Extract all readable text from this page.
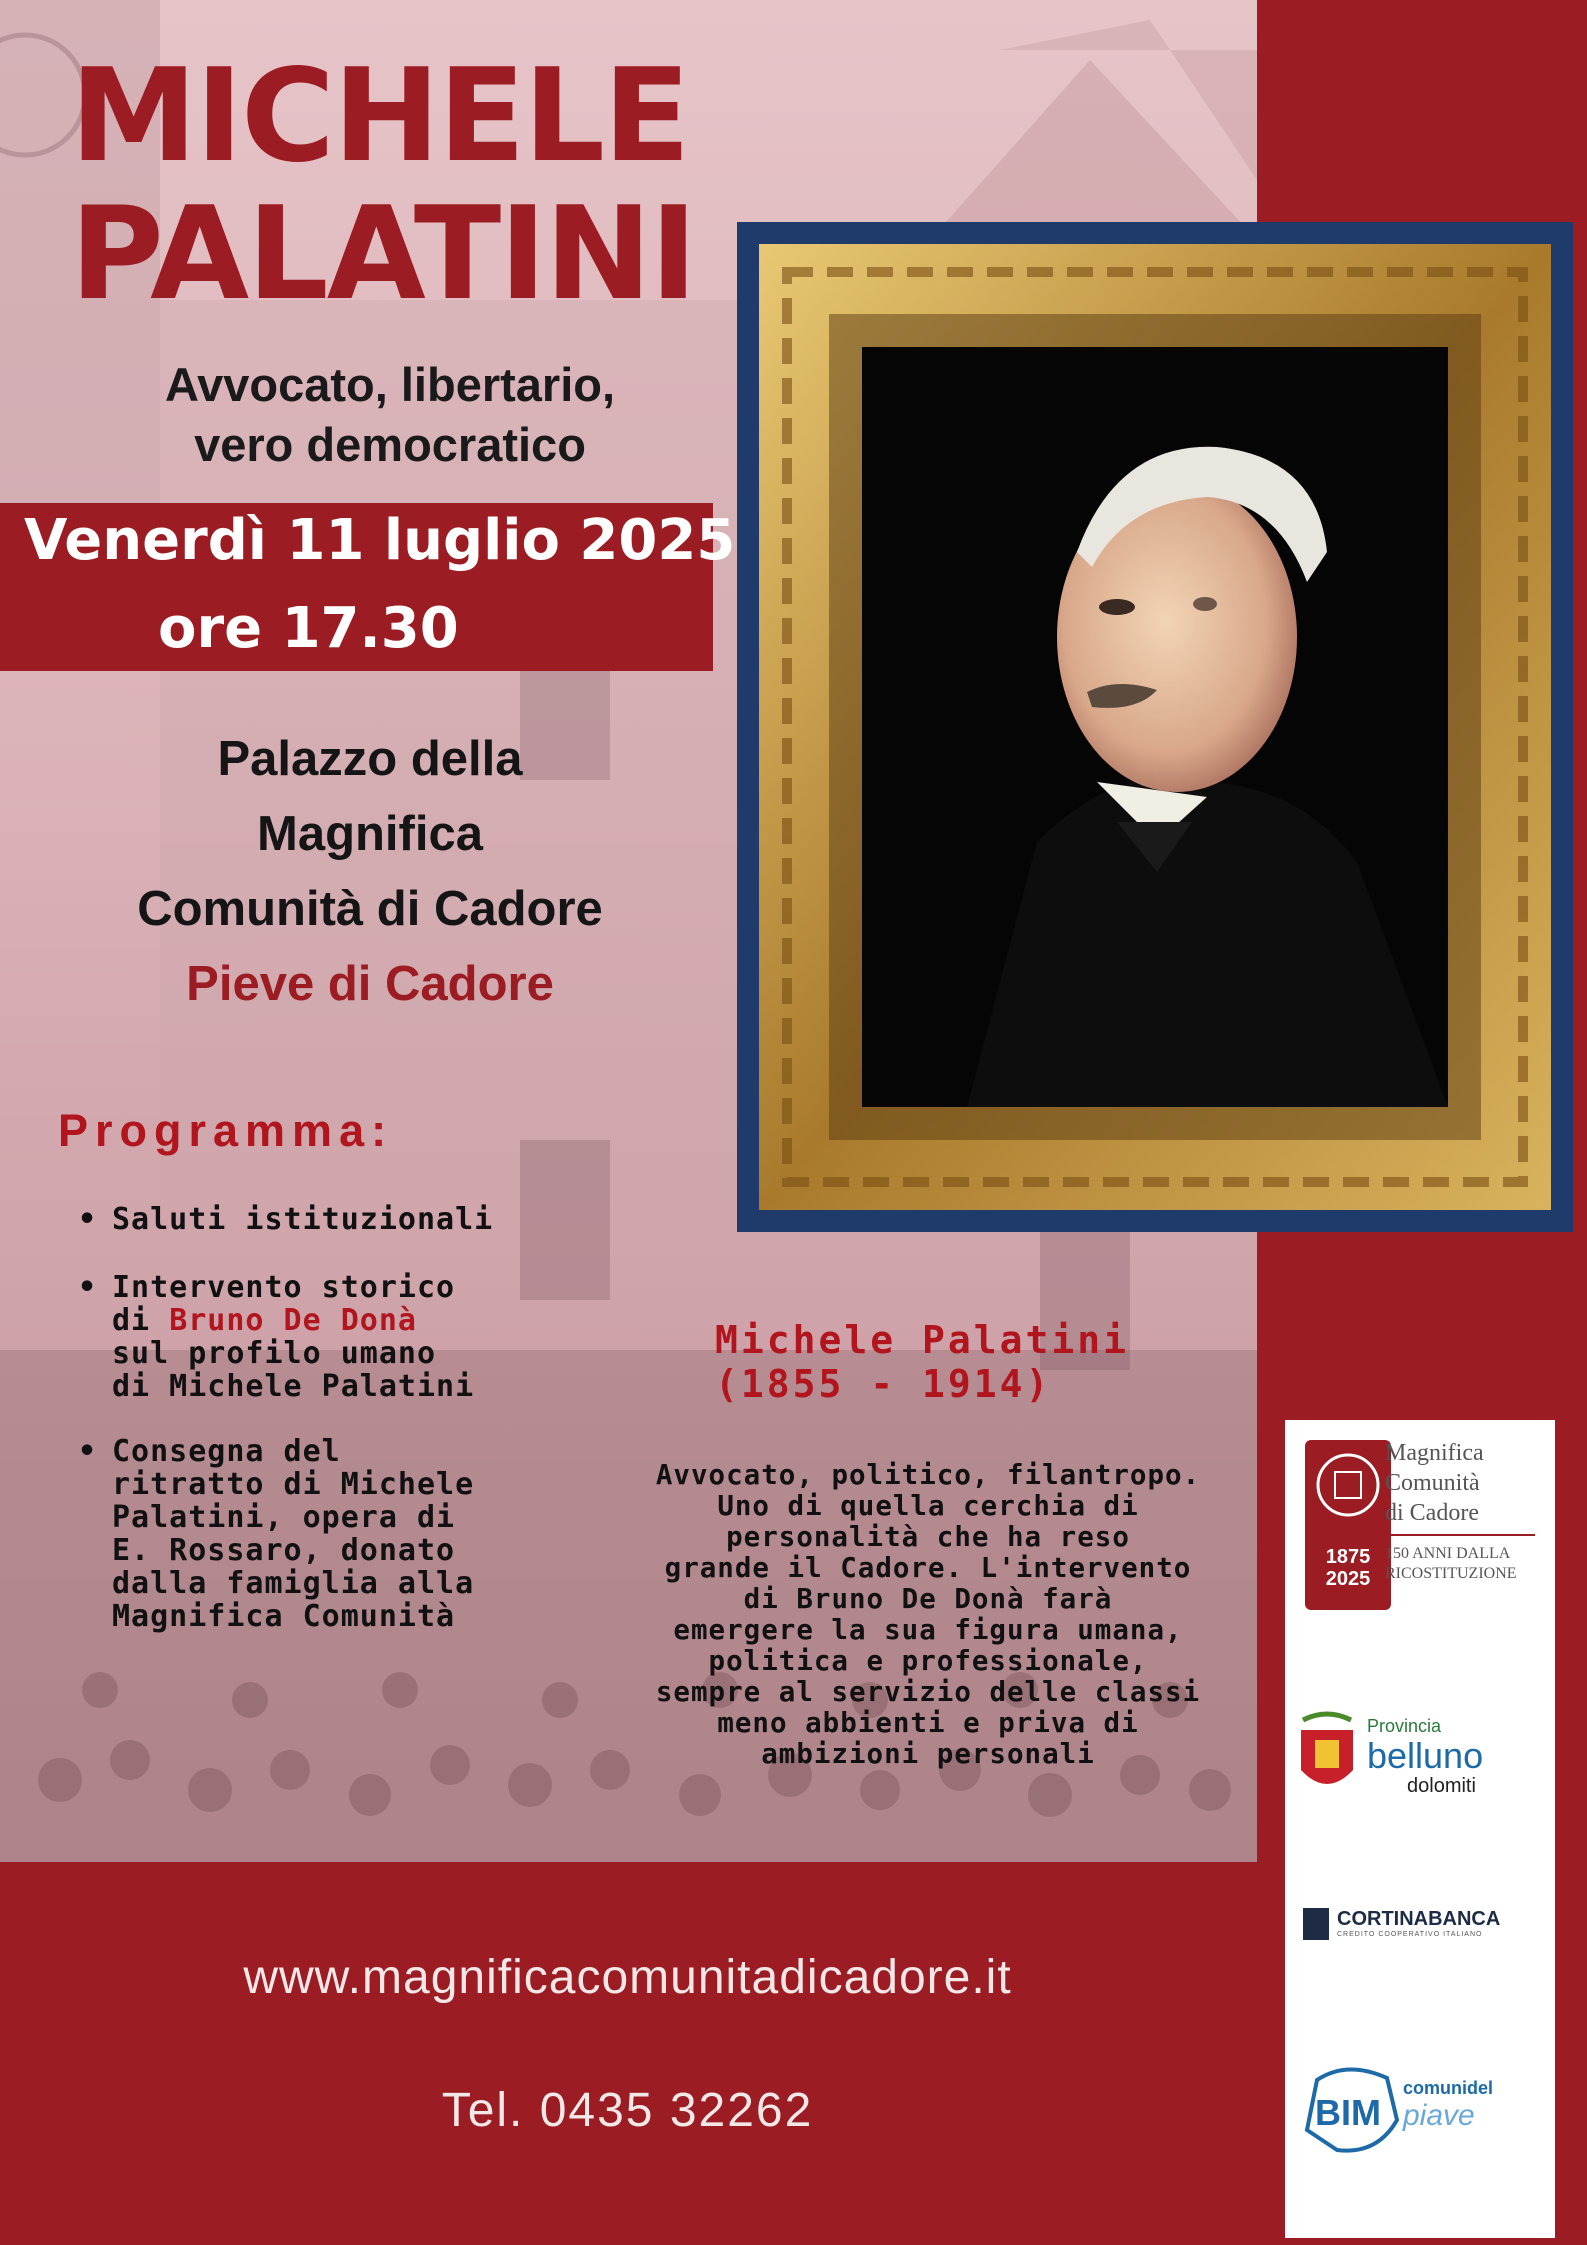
MICHELE
PALATINI
Avvocato, libertario,
vero democratico
Venerdì 11 luglio 2025
ore 17.30
Palazzo della
Magnifica
Comunità di Cadore
Pieve di Cadore
Programma:
• Saluti istituzionali
• Intervento storico
di Bruno De Donà
sul profilo umano
di Michele Palatini
• Consegna del
ritratto di Michele
Palatini, opera di
E. Rossaro, donato
dalla famiglia alla
Magnifica Comunità
Michele Palatini
(1855 - 1914)
Avvocato, politico, filantropo.
Uno di quella cerchia di
personalità che ha reso
grande il Cadore. L'intervento
di Bruno De Donà farà
emergere la sua figura umana,
politica e professionale,
sempre al servizio delle classi
meno abbienti e priva di
ambizioni personali
www.magnificacomunitadicadore.it
Tel. 0435 32262
1875
2025
Magnifica
Comunità
di Cadore
150 ANNI DALLA
RICOSTITUZIONE
Provincia
belluno
dolomiti
CORTINABANCA
CREDITO COOPERATIVO ITALIANO
BIM
comunidel
piave
